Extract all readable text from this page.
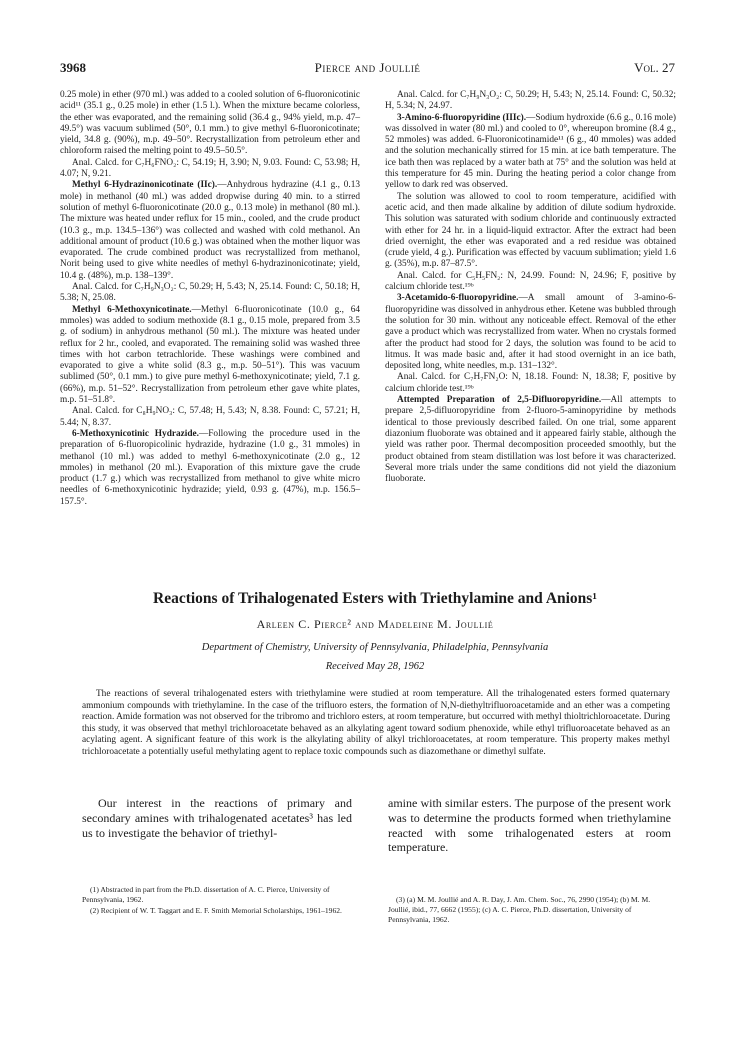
3968	Pierce and Joullié	Vol. 27

0.25 mole) in ether (970 ml.) was added to a cooled solution of 6-fluoronicotinic acid¹¹ (35.1 g., 0.25 mole) in ether (1.5 l.). When the mixture became colorless, the ether was evaporated, and the remaining solid (36.4 g., 94% yield, m.p. 47–49.5°) was vacuum sublimed (50°, 0.1 mm.) to give methyl 6-fluoronicotinate; yield, 34.8 g. (90%), m.p. 49–50°. Recrystallization from petroleum ether and chloroform raised the melting point to 49.5–50.5°.

Anal. Calcd. for C₇H₆FNO₂: C, 54.19; H, 3.90; N, 9.03. Found: C, 53.98; H, 4.07; N, 9.21.

Methyl 6-Hydrazinonicotinate (IIc).—Anhydrous hydrazine (4.1 g., 0.13 mole) in methanol (40 ml.) was added dropwise during 40 min. to a stirred solution of methyl 6-fluoronicotinate (20.0 g., 0.13 mole) in methanol (80 ml.). The mixture was heated under reflux for 15 min., cooled, and the crude product (10.3 g., m.p. 134.5–136°) was collected and washed with cold methanol. An additional amount of product (10.6 g.) was obtained when the mother liquor was evaporated. The crude combined product was recrystallized from methanol, Norit being used to give white needles of methyl 6-hydrazinonicotinate; yield, 10.4 g. (48%), m.p. 138–139°.

Anal. Calcd. for C₇H₉N₃O₂: C, 50.29; H, 5.43; N, 25.14. Found: C, 50.18; H, 5.38; N, 25.08.

Methyl 6-Methoxynicotinate.—Methyl 6-fluoronicotinate (10.0 g., 64 mmoles) was added to sodium methoxide (8.1 g., 0.15 mole, prepared from 3.5 g. of sodium) in anhydrous methanol (50 ml.). The mixture was heated under reflux for 2 hr., cooled, and evaporated. The remaining solid was washed three times with hot carbon tetrachloride. These washings were combined and evaporated to give a white solid (8.3 g., m.p. 50–51°). This was vacuum sublimed (50°, 0.1 mm.) to give pure methyl 6-methoxynicotinate; yield, 7.1 g. (66%), m.p. 51–52°. Recrystallization from petroleum ether gave white plates, m.p. 51–51.8°.

Anal. Calcd. for C₈H₉NO₃: C, 57.48; H, 5.43; N, 8.38. Found: C, 57.21; H, 5.44; N, 8.37.

6-Methoxynicotinic Hydrazide.—Following the procedure used in the preparation of 6-fluoropicolinic hydrazide, hydrazine (1.0 g., 31 mmoles) in methanol (10 ml.) was added to methyl 6-methoxynicotinate (2.0 g., 12 mmoles) in methanol (20 ml.). Evaporation of this mixture gave the crude product (1.7 g.) which was recrystallized from methanol to give white micro needles of 6-methoxynicotinic hydrazide; yield, 0.93 g. (47%), m.p. 156.5–157.5°.

Anal. Calcd. for C₇H₉N₃O₂: C, 50.29; H, 5.43; N, 25.14. Found: C, 50.32; H, 5.34; N, 24.97.

3-Amino-6-fluoropyridine (IIIc).—Sodium hydroxide (6.6 g., 0.16 mole) was dissolved in water (80 ml.) and cooled to 0°, whereupon bromine (8.4 g., 52 mmoles) was added. 6-Fluoronicotinamide¹¹ (6 g., 40 mmoles) was added and the solution mechanically stirred for 15 min. at ice bath temperature. The ice bath then was replaced by a water bath at 75° and the solution was held at this temperature for 45 min. During the heating period a color change from yellow to dark red was observed.

The solution was allowed to cool to room temperature, acidified with acetic acid, and then made alkaline by addition of dilute sodium hydroxide. This solution was saturated with sodium chloride and continuously extracted with ether for 24 hr. in a liquid-liquid extractor. After the extract had been dried overnight, the ether was evaporated and a red residue was obtained (crude yield, 4 g.). Purification was effected by vacuum sublimation; yield 1.6 g. (35%), m.p. 87–87.5°.

Anal. Calcd. for C₅H₅FN₂: N, 24.99. Found: N, 24.96; F, positive by calcium chloride test.¹⁹ᵇ

3-Acetamido-6-fluoropyridine.—A small amount of 3-amino-6-fluoropyridine was dissolved in anhydrous ether. Ketene was bubbled through the solution for 30 min. without any noticeable effect. Removal of the ether gave a product which was recrystallized from water. When no crystals formed after the product had stood for 2 days, the solution was found to be acid to litmus. It was made basic and, after it had stood overnight in an ice bath, deposited long, white needles, m.p. 131–132°.

Anal. Calcd. for C₇H₇FN₂O: N, 18.18. Found: N, 18.38; F, positive by calcium chloride test.¹⁹ᵇ

Attempted Preparation of 2,5-Difluoropyridine.—All attempts to prepare 2,5-difluoropyridine from 2-fluoro-5-aminopyridine by methods identical to those previously described failed. On one trial, some apparent diazonium fluoborate was obtained and it appeared fairly stable, although the yield was rather poor. Thermal decomposition proceeded smoothly, but the product obtained from steam distillation was lost before it was characterized. Several more trials under the same conditions did not yield the diazonium fluoborate.

Reactions of Trihalogenated Esters with Triethylamine and Anions¹
Arleen C. Pierce² and Madeleine M. Joullié
Department of Chemistry, University of Pennsylvania, Philadelphia, Pennsylvania
Received May 28, 1962

The reactions of several trihalogenated esters with triethylamine were studied at room temperature. All the trihalogenated esters formed quaternary ammonium compounds with triethylamine. In the case of the trifluoro esters, the formation of N,N-diethyltrifluoroacetamide and an ether was a competing reaction. Amide formation was not observed for the tribromo and trichloro esters, at room temperature, but occurred with methyl thioltrichloroacetate. During this study, it was observed that methyl trichloroacetate behaved as an alkylating agent toward sodium phenoxide, while ethyl trifluoroacetate behaved as an acylating agent. A significant feature of this work is the alkylating ability of alkyl trichloroacetates, at room temperature. This property makes methyl trichloroacetate a potentially useful methylating agent to replace toxic compounds such as diazomethane or dimethyl sulfate.

Our interest in the reactions of primary and secondary amines with trihalogenated acetates³ has led us to investigate the behavior of triethyl-

amine with similar esters. The purpose of the present work was to determine the products formed when triethylamine reacted with some trihalogenated esters at room temperature.

(1) Abstracted in part from the Ph.D. dissertation of A. C. Pierce, University of Pennsylvania, 1962.

(2) Recipient of W. T. Taggart and E. F. Smith Memorial Scholarships, 1961–1962.

(3) (a) M. M. Joullié and A. R. Day, J. Am. Chem. Soc., 76, 2990 (1954); (b) M. M. Joullié, ibid., 77, 6662 (1955); (c) A. C. Pierce, Ph.D. dissertation, University of Pennsylvania, 1962.
